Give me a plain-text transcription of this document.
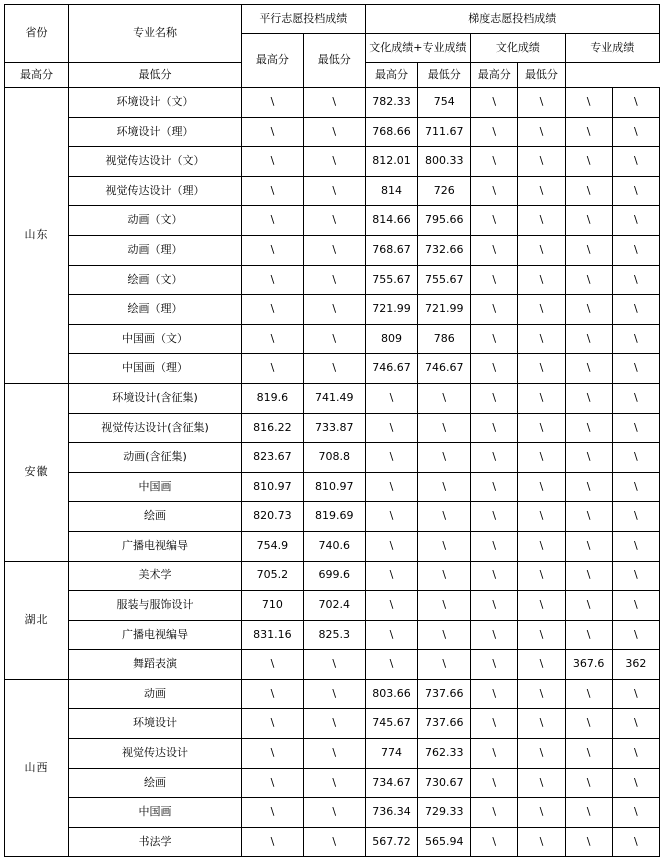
省份	专业名称	平行志愿投档成绩		梯度志愿投档成绩					
		最高分	最低分	文化成绩+专业成绩		文化成绩		专业成绩	
最高分	最低分			最高分	最低分	最高分	最低分		
山东	环境设计（文）	\	\	782.33	754	\	\	\	\
	环境设计（理）	\	\	768.66	711.67	\	\	\	\
	视觉传达设计（文）	\	\	812.01	800.33	\	\	\	\
	视觉传达设计（理）	\	\	814	726	\	\	\	\
	动画（文）	\	\	814.66	795.66	\	\	\	\
	动画（理）	\	\	768.67	732.66	\	\	\	\
	绘画（文）	\	\	755.67	755.67	\	\	\	\
	绘画（理）	\	\	721.99	721.99	\	\	\	\
	中国画（文）	\	\	809	786	\	\	\	\
	中国画（理）	\	\	746.67	746.67	\	\	\	\
安徽	环境设计(含征集)	819.6	741.49	\	\	\	\	\	\
	视觉传达设计(含征集)	816.22	733.87	\	\	\	\	\	\
	动画(含征集)	823.67	708.8	\	\	\	\	\	\
	中国画	810.97	810.97	\	\	\	\	\	\
	绘画	820.73	819.69	\	\	\	\	\	\
	广播电视编导	754.9	740.6	\	\	\	\	\	\
湖北	美术学	705.2	699.6	\	\	\	\	\	\
	服装与服饰设计	710	702.4	\	\	\	\	\	\
	广播电视编导	831.16	825.3	\	\	\	\	\	\
	舞蹈表演	\	\	\	\	\	\	367.6	362
山西	动画	\	\	803.66	737.66	\	\	\	\
	环境设计	\	\	745.67	737.66	\	\	\	\
	视觉传达设计	\	\	774	762.33	\	\	\	\
	绘画	\	\	734.67	730.67	\	\	\	\
	中国画	\	\	736.34	729.33	\	\	\	\
	书法学	\	\	567.72	565.94	\	\	\	\
